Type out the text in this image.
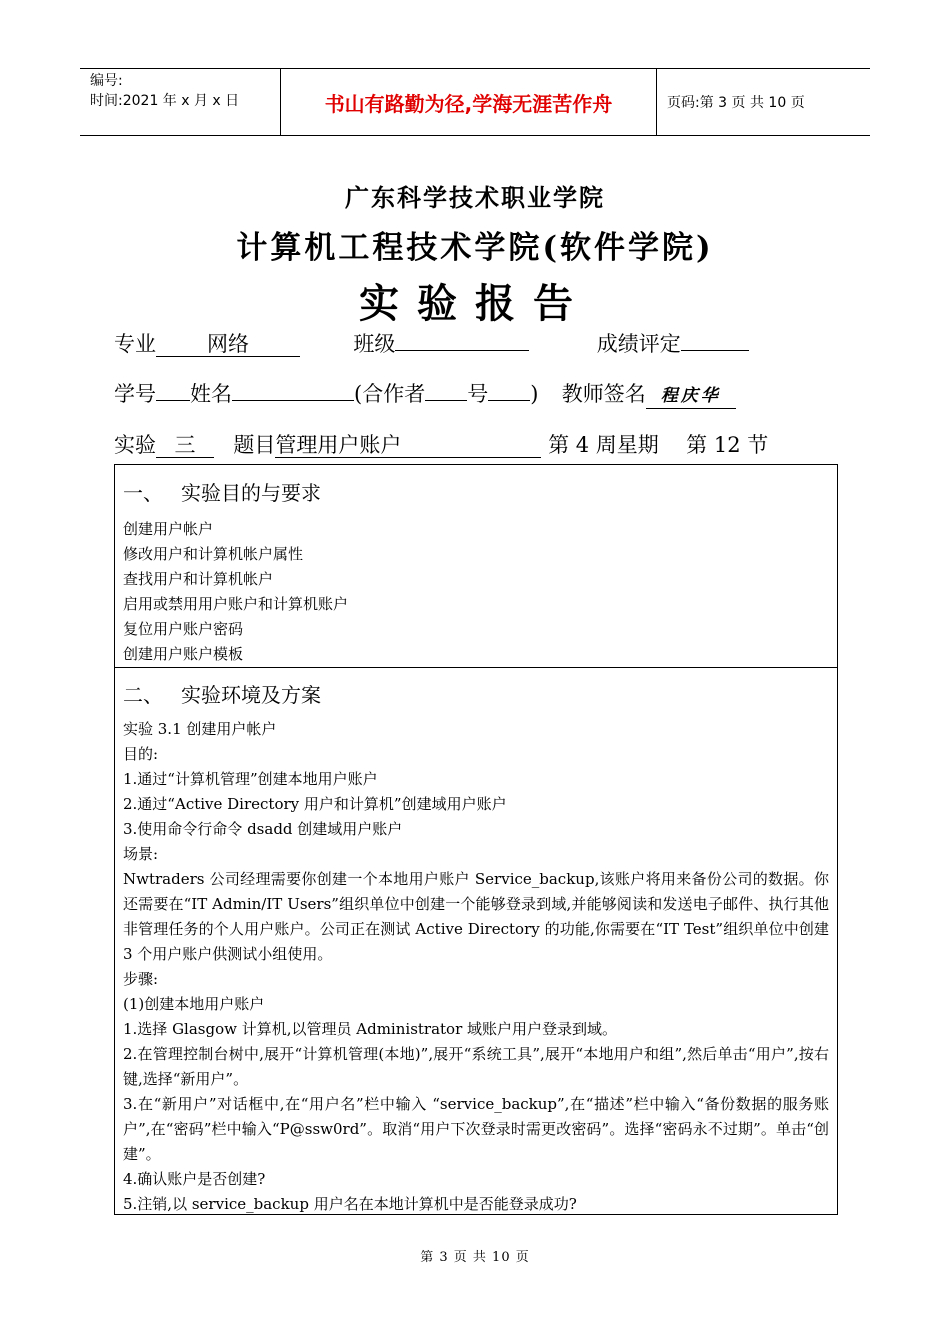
编号:
时间:2021 年 x 月 x 日	书山有路勤为径,学海无涯苦作舟	页码:第 3 页 共 10 页
广东科学技术职业学院
计算机工程技术学院(软件学院)
实验报告
专业 网络	班级	成绩评定
学号 姓名	(合作者 号 ) 教师签名 程庆华
实验 三 题目管理用户账户	第 4 周星期 第 12 节
一、 实验目的与要求
创建用户帐户
修改用户和计算机帐户属性
查找用户和计算机帐户
启用或禁用用户账户和计算机账户
复位用户账户密码
创建用户账户模板
二、 实验环境及方案

实验 3.1 创建用户帐户

目的:

1.通过“计算机管理”创建本地用户账户

2.通过“Active Directory 用户和计算机”创建域用户账户

3.使用命令行命令 dsadd 创建域用户账户

场景:

Nwtraders 公司经理需要你创建一个本地用户账户 Service_backup,该账户将用来备份公司的数据。你还需要在“IT Admin/IT Users”组织单位中创建一个能够登录到域,并能够阅读和发送电子邮件、执行其他非管理任务的个人用户账户。公司正在测试 Active Directory 的功能,你需要在“IT Test”组织单位中创建 3 个用户账户供测试小组使用。

步骤:

(1)创建本地用户账户

1.选择 Glasgow 计算机,以管理员 Administrator 域账户用户登录到域。

2.在管理控制台树中,展开“计算机管理(本地)”,展开“系统工具”,展开“本地用户和组”,然后单击“用户”,按右键,选择“新用户”。

3.在“新用户”对话框中,在“用户名”栏中输入 “service_backup”,在“描述”栏中输入“备份数据的服务账户”,在“密码”栏中输入“P@ssw0rd”。取消“用户下次登录时需更改密码”。选择“密码永不过期”。单击“创建”。

4.确认账户是否创建?

5.注销,以 service_backup 用户名在本地计算机中是否能登录成功?

第 3 页 共 10 页
